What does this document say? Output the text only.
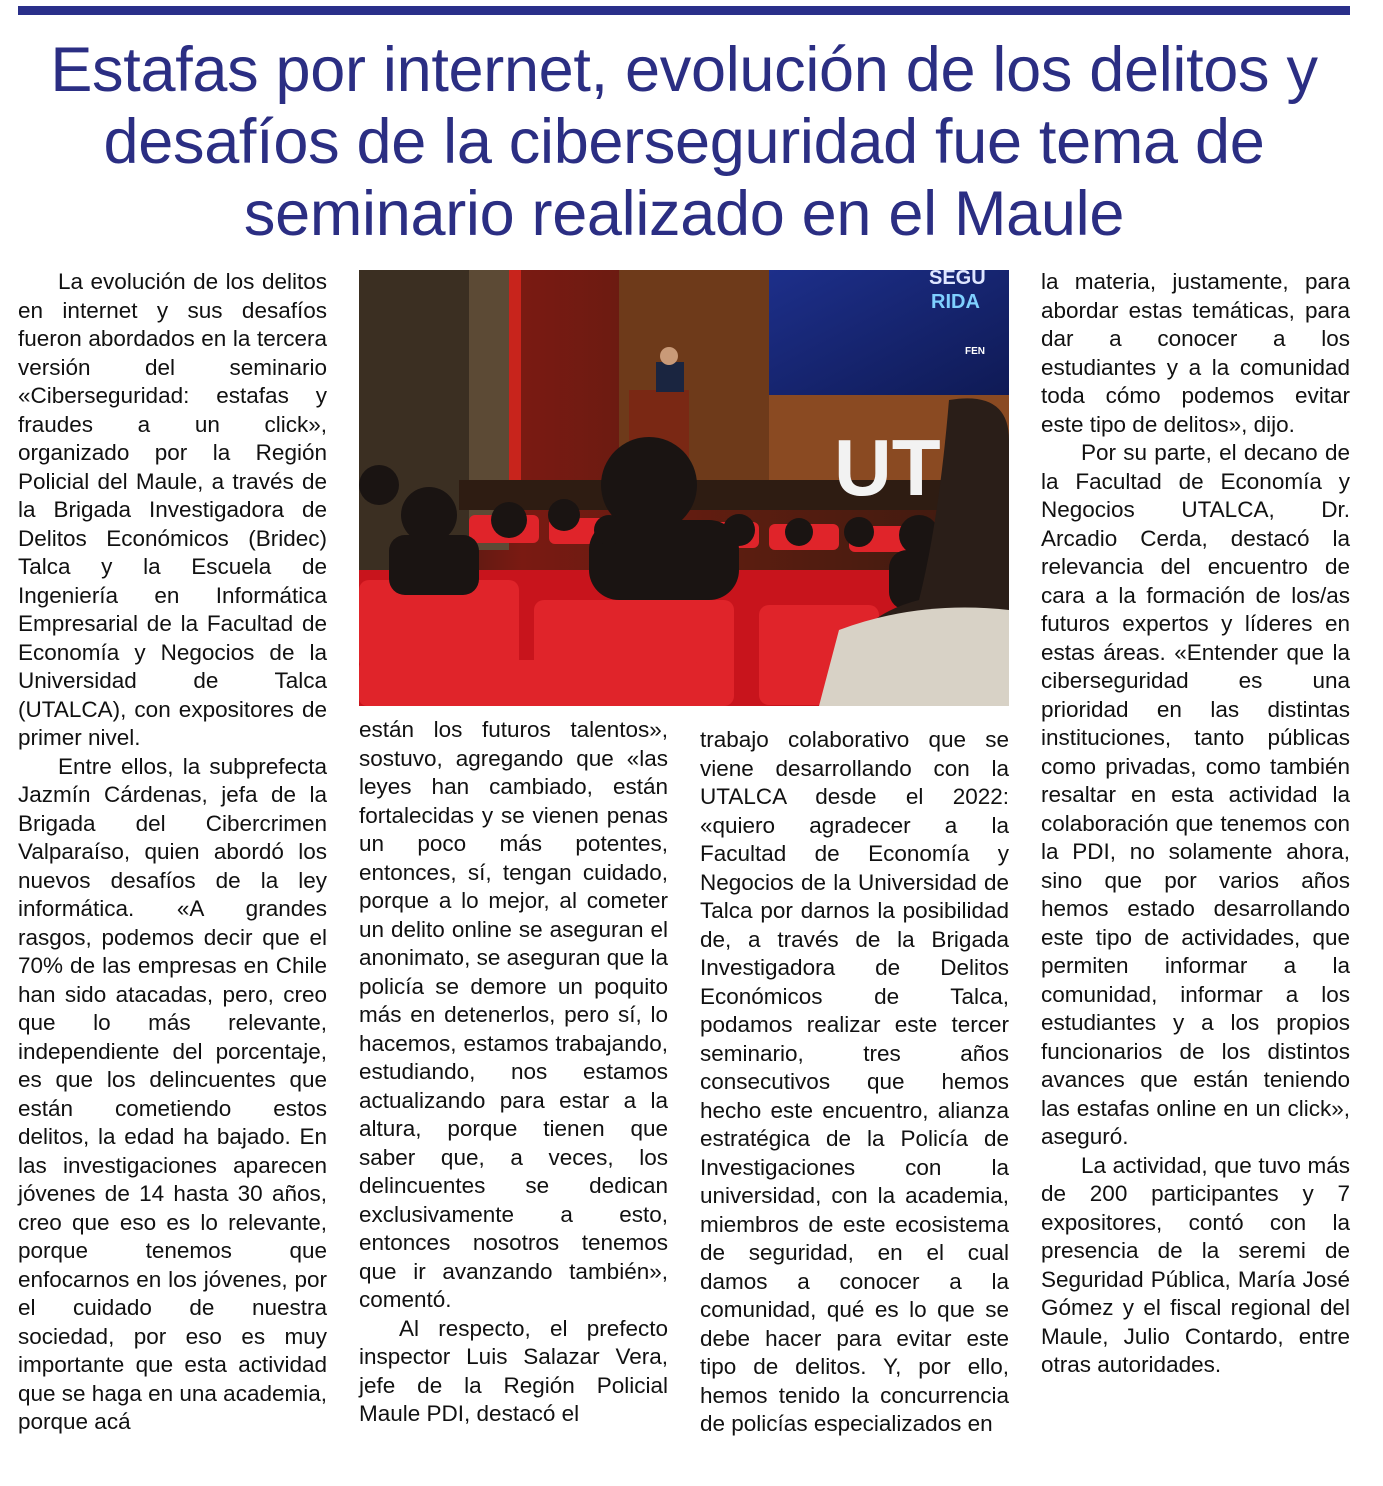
Estafas por internet, evolución de los delitos y desafíos de la ciberseguridad fue tema de seminario realizado en el Maule

La evolución de los delitos en internet y sus desafíos fueron abordados en la tercera versión del seminario «Ciberseguridad: estafas y fraudes a un click», organizado por la Región Policial del Maule, a través de la Brigada Investigadora de Delitos Económicos (Bridec) Talca y la Escuela de Ingeniería en Informática Empresarial de la Facultad de Economía y Negocios de la Universidad de Talca (UTALCA), con expositores de primer nivel.

Entre ellos, la subprefecta Jazmín Cárdenas, jefa de la Brigada del Cibercrimen Valparaíso, quien abordó los nuevos desafíos de la ley informática. «A grandes rasgos, podemos decir que el 70% de las empresas en Chile han sido atacadas, pero, creo que lo más relevante, independiente del porcentaje, es que los delincuentes que están cometiendo estos delitos, la edad ha bajado. En las investigaciones aparecen jóvenes de 14 hasta 30 años, creo que eso es lo relevante, porque tenemos que enfocarnos en los jóvenes, por el cuidado de nuestra sociedad, por eso es muy importante que esta actividad que se haga en una academia, porque acá

SEGU
RIDA
FEN
UT

están los futuros talentos», sostuvo, agregando que «las leyes han cambiado, están fortalecidas y se vienen penas un poco más potentes, entonces, sí, tengan cuidado, porque a lo mejor, al cometer un delito online se aseguran el anonimato, se aseguran que la policía se demore un poquito más en detenerlos, pero sí, lo hacemos, estamos trabajando, estudiando, nos estamos actualizando para estar a la altura, porque tienen que saber que, a veces, los delincuentes se dedican exclusivamente a esto, entonces nosotros tenemos que ir avanzando también», comentó.

Al respecto, el prefecto inspector Luis Salazar Vera, jefe de la Región Policial Maule PDI, destacó el

trabajo colaborativo que se viene desarrollando con la UTALCA desde el 2022: «quiero agradecer a la Facultad de Economía y Negocios de la Universidad de Talca por darnos la posibilidad de, a través de la Brigada Investigadora de Delitos Económicos de Talca, podamos realizar este tercer seminario, tres años consecutivos que hemos hecho este encuentro, alianza estratégica de la Policía de Investigaciones con la universidad, con la academia, miembros de este ecosistema de seguridad, en el cual damos a conocer a la comunidad, qué es lo que se debe hacer para evitar este tipo de delitos. Y, por ello, hemos tenido la concurrencia de policías especializados en

la materia, justamente, para abordar estas temáticas, para dar a conocer a los estudiantes y a la comunidad toda cómo podemos evitar este tipo de delitos», dijo.

Por su parte, el decano de la Facultad de Economía y Negocios UTALCA, Dr. Arcadio Cerda, destacó la relevancia del encuentro de cara a la formación de los/as futuros expertos y líderes en estas áreas. «Entender que la ciberseguridad es una prioridad en las distintas instituciones, tanto públicas como privadas, como también resaltar en esta actividad la colaboración que tenemos con la PDI, no solamente ahora, sino que por varios años hemos estado desarrollando este tipo de actividades, que permiten informar a la comunidad, informar a los estudiantes y a los propios funcionarios de los distintos avances que están teniendo las estafas online en un click», aseguró.

La actividad, que tuvo más de 200 participantes y 7 expositores, contó con la presencia de la seremi de Seguridad Pública, María José Gómez y el fiscal regional del Maule, Julio Contardo, entre otras autoridades.
